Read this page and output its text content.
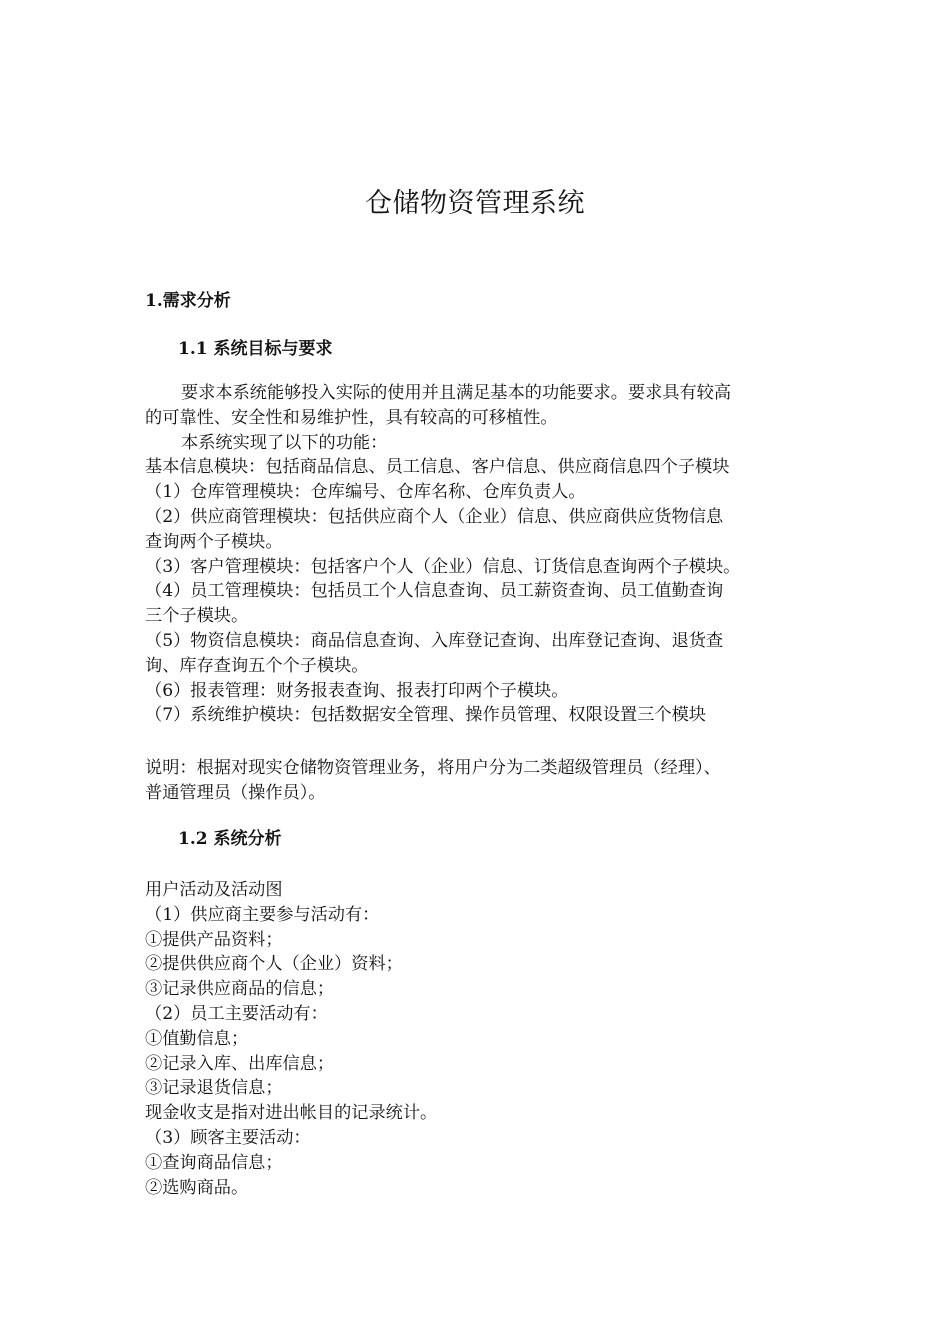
仓储物资管理系统
1.需求分析
1.1 系统目标与要求
要求本系统能够投入实际的使用并且满足基本的功能要求。要求具有较高
的可靠性、安全性和易维护性，具有较高的可移植性。
本系统实现了以下的功能：
基本信息模块：包括商品信息、员工信息、客户信息、供应商信息四个子模块
（1）仓库管理模块：仓库编号、仓库名称、仓库负责人。
（2）供应商管理模块：包括供应商个人（企业）信息、供应商供应货物信息
查询两个子模块。
（3）客户管理模块：包括客户个人（企业）信息、订货信息查询两个子模块。
（4）员工管理模块：包括员工个人信息查询、员工薪资查询、员工值勤查询
三个子模块。
（5）物资信息模块：商品信息查询、入库登记查询、出库登记查询、退货查
询、库存查询五个个子模块。
（6）报表管理：财务报表查询、报表打印两个子模块。
（7）系统维护模块：包括数据安全管理、操作员管理、权限设置三个模块
说明：根据对现实仓储物资管理业务，将用户分为二类超级管理员（经理）、
普通管理员（操作员）。
1.2 系统分析
用户活动及活动图
（1）供应商主要参与活动有：
①提供产品资料；
②提供供应商个人（企业）资料；
③记录供应商品的信息；
（2）员工主要活动有：
①值勤信息；
②记录入库、出库信息；
③记录退货信息；
现金收支是指对进出帐目的记录统计。
（3）顾客主要活动：
①查询商品信息；
②选购商品。
